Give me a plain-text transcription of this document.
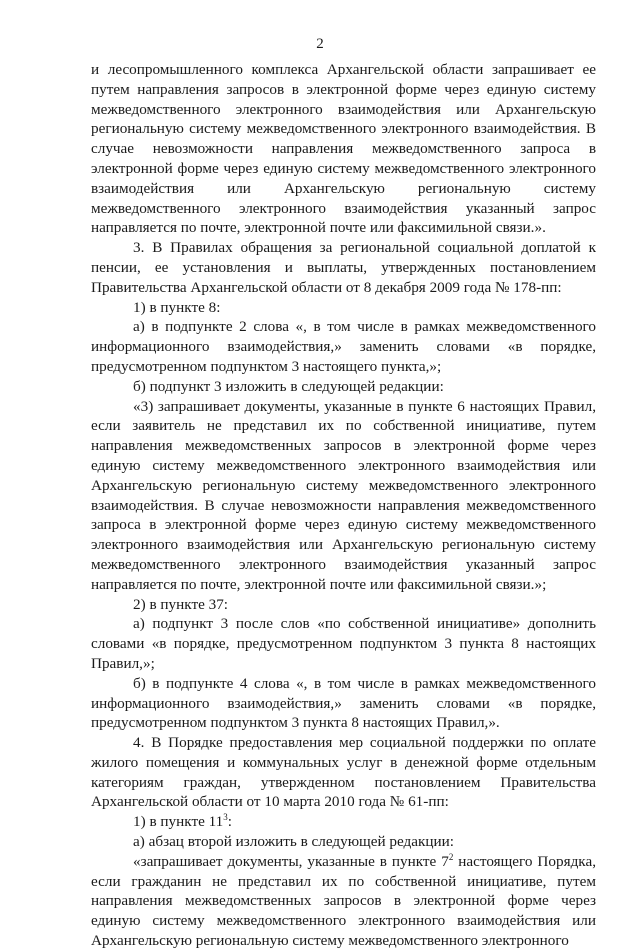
2

и лесопромышленного комплекса Архангельской области запрашивает ее путем направления запросов в электронной форме через единую систему межведомственного электронного взаимодействия или Архангельскую региональную систему межведомственного электронного взаимодействия. В случае невозможности направления межведомственного запроса в электронной форме через единую систему межведомственного электронного взаимодействия или Архангельскую региональную систему межведомственного электронного взаимодействия указанный запрос направляется по почте, электронной почте или факсимильной связи.».

3. В Правилах обращения за региональной социальной доплатой к пенсии, ее установления и выплаты, утвержденных постановлением Правительства Архангельской области от 8 декабря 2009 года № 178-пп:

1) в пункте 8:

а) в подпункте 2 слова «, в том числе в рамках межведомственного информационного взаимодействия,» заменить словами «в порядке, предусмотренном подпунктом 3 настоящего пункта,»;

б) подпункт 3 изложить в следующей редакции:

«3) запрашивает документы, указанные в пункте 6 настоящих Правил, если заявитель не представил их по собственной инициативе, путем направления межведомственных запросов в электронной форме через единую систему межведомственного электронного взаимодействия или Архангельскую региональную систему межведомственного электронного взаимодействия. В случае невозможности направления межведомственного запроса в электронной форме через единую систему межведомственного электронного взаимодействия или Архангельскую региональную систему межведомственного электронного взаимодействия указанный запрос направляется по почте, электронной почте или факсимильной связи.»;

2) в пункте 37:

а) подпункт 3 после слов «по собственной инициативе» дополнить словами «в порядке, предусмотренном подпунктом 3 пункта 8 настоящих Правил,»;

б) в подпункте 4 слова «, в том числе в рамках межведомственного информационного взаимодействия,» заменить словами «в порядке, предусмотренном подпунктом 3 пункта 8 настоящих Правил,».

4. В Порядке предоставления мер социальной поддержки по оплате жилого помещения и коммунальных услуг в денежной форме отдельным категориям граждан, утвержденном постановлением Правительства Архангельской области от 10 марта 2010 года № 61-пп:

1) в пункте $11^3$:

а) абзац второй изложить в следующей редакции:

«запрашивает документы, указанные в пункте $7^2$ настоящего Порядка, если гражданин не представил их по собственной инициативе, путем направления межведомственных запросов в электронной форме через единую систему межведомственного электронного взаимодействия или Архангельскую региональную систему межведомственного электронного
